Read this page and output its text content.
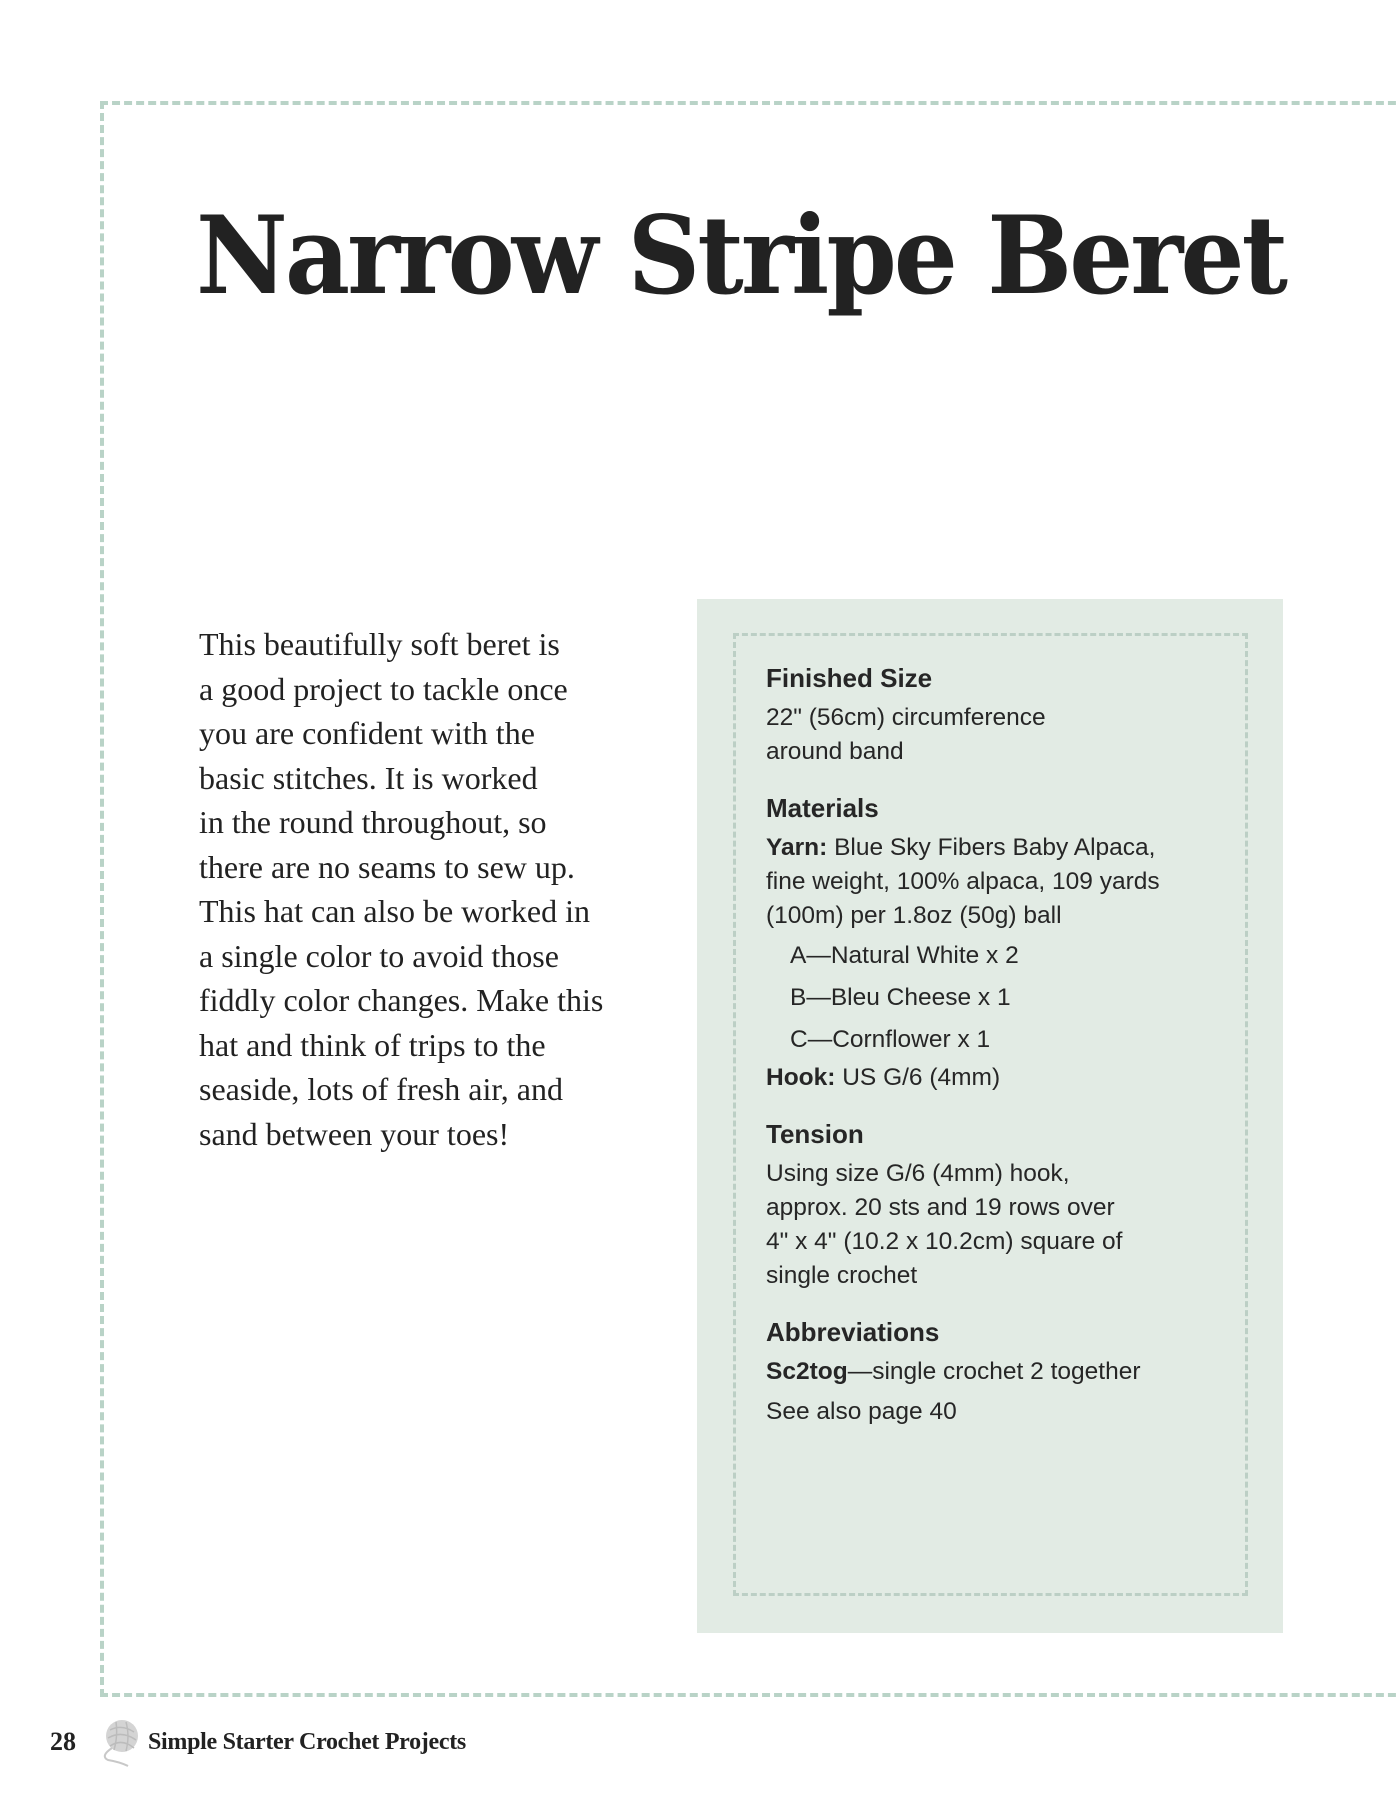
Narrow Stripe Beret

This beautifully soft beret is
a good project to tackle once
you are confident with the
basic stitches. It is worked
in the round throughout, so
there are no seams to sew up.
This hat can also be worked in
a single color to avoid those
fiddly color changes. Make this
hat and think of trips to the
seaside, lots of fresh air, and
sand between your toes!

Finished Size

22" (56cm) circumference

around band

Materials

Yarn: Blue Sky Fibers Baby Alpaca,

fine weight, 100% alpaca, 109 yards

(100m) per 1.8oz (50g) ball

A—Natural White x 2
B—Bleu Cheese x 1
C—Cornflower x 1

Hook: US G/6 (4mm)

Tension

Using size G/6 (4mm) hook,

approx. 20 sts and 19 rows over

4" x 4" (10.2 x 10.2cm) square of

single crochet

Abbreviations

Sc2tog—single crochet 2 together

See also page 40

28	Simple Starter Crochet Projects
